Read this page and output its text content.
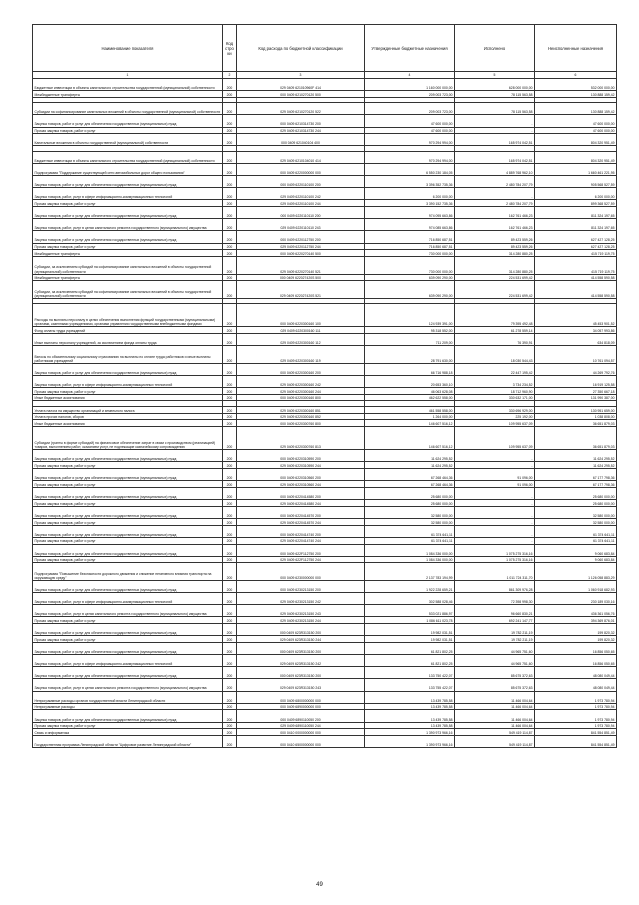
Наименование показателя	Код стро ки	Код расхода по бюджетной классификации	Утвержденные бюджетные назначения	Исполнено	Неисполненные назначения
1	2	3	4	5	6
Бюджетные инвестиции в объекты капитального строительства государственной (муниципальной) собственности	200	029 0409 621010960F 414	1 160 000 000,00	628 000 000,00	532 000 000,00
Межбюджетные трансферты	200	000 0409 6210270120 500	209 003 723,00	78 115 563,58	130 888 159,42

Субсидии на софинансирование капитальных вложений в объекты государственной (муниципальной) собственности	200	029 0409 6210270120 522	209 003 723,00	78 115 563,58	130 888 159,42
Закупка товаров, работ и услуг для обеспечения государственных (муниципальных) нужд	200	000 0409 6210314730 200	47 600 000,00	-	47 600 000,00
Прочая закупка товаров, работ и услуг	200	029 0409 6210314730 244	47 600 000,00	-	47 600 000,00
Капитальные вложения в объекты государственной (муниципальной) собственности	200	000 0409 621040104 400	970 294 994,00	165 974 042,51	804 320 951,49

Бюджетные инвестиции в объекты капитального строительства государственной (муниципальной) собственности	200	029 0409 6210104010 414	970 294 994,00	165 974 042,51	804 320 951,49
Подпрограмма "Поддержание существующей сети автомобильных дорог общего пользования"	200	000 0409 6220000000 000	6 550 230 184,05	4 889 768 962,10	1 660 461 221,95
Закупка товаров, работ и услуг для обеспечения государственных (муниципальных) нужд	200	000 0409 6220110100 200	3 396 352 735,36	2 480 784 207,79	905 568 527,59
Закупка товаров, работ, услуг в сфере информационно-коммуникационных технологий	200	029 0409 6220110100 242	6 200 000,00	-	6 200 000,00
Прочая закупка товаров, работ и услуг	200	029 0409 6220110100 244	3 390 152 735,36	2 480 784 207,79	899 368 527,59
Закупка товаров, работ и услуг для обеспечения государственных (муниципальных) нужд	200	000 0409 6220110110 200	974 095 663,86	162 761 466,23	811 324 197,65
Закупка товаров, работ, услуг в целях капитального ремонта государственного (муниципального) имущества	200	029 0409 6220110110 243	974 085 663,86	162 761 466,23	811 324 197,65
Закупка товаров, работ и услуг для обеспечения государственных (муниципальных) нужд	200	000 0409 6220112750 200	716 850 687,51	89 423 559,26	627 427 128,25
Прочая закупка товаров, работ и услуг	200	029 0409 6220112750 244	716 850 687,51	89 423 559,26	627 427 128,25
Межбюджетные трансферты	200	000 0409 6220270140 500	730 000 000,00	314 280 880,25	415 719 119,75
Субсидии, за исключением субсидий на софинансирование капитальных вложений в объекты государственной (муниципальной) собственности	200	029 0409 6220270140 521	730 000 000,00	314 280 880,25	415 719 119,75
Межбюджетные трансферты	200	000 0409 622027420S 500	639 090 290,00	224 531 699,42	414 558 590,58
Субсидии, за исключением субсидий на софинансирование капитальных вложений в объекты государственной (муниципальной) собственности	200	029 0409 622027420S 521	639 090 290,00	224 531 699,42	414 558 590,58

Расходы на выплаты персоналу в целях обеспечения выполнения функций государственными (муниципальными) органами, казенными учреждениями, органами управления государственными внебюджетными фондами	200	000 0409 6220300160 100	124 939 391,00	79 395 492,48	45 453 901,52
Фонд оплаты труда учреждений	200	029 0409 6220300160 111	95 318 552,00	61 278 559,14	34 057 993,86
Иные выплаты персоналу учреждений, за исключением фонда оплаты труда	200	029 0409 6220300160 112	711 209,00	76 390,91	634 818,09
Взносы по обязательному социальному страхованию на выплаты по оплате труда работников и иные выплаты работникам учреждений	200	029 0409 6220300160 119	28 791 630,00	18 030 544,43	10 761 094,57
Закупка товаров, работ и услуг для обеспечения государственных (муниципальных) нужд	200	000 0409 6220300160 200	66 716 988,18	22 447 195,42	44 269 792,76
Закупка товаров, работ, услуг в сфере информационно-коммуникационных технологий	200	029 0409 6220300160 242	20 653 360,10	3 734 234,52	16 919 125,58
Прочая закупка товаров, работ и услуг	200	029 0409 6220300160 244	46 063 628,08	18 712 960,90	27 350 667,18
Иные бюджетные ассигнования	200	000 0409 6220300160 800	462 622 558,00	330 632 171,00	131 990 387,00

Уплата налога на имущество организаций и земельного налога	200	029 0409 6220300160 851	461 558 558,00	330 696 929,00	130 951 659,00
Уплата прочих налогов, сборов	200	029 0409 6220300160 852	1 264 000,00	225 192,00	1 038 808,00
Иные бюджетные ассигнования	200	000 0409 6220300760 800	146 607 516,12	109 955 637,09	36 651 879,03
Субсидии (гранты в форме субсидий) на финансовое обеспечение затрат в связи с производством (реализацией) товаров, выполнением работ, оказанием услуг, не подлежащие казначейскому сопровождению	200	029 0409 6220300760 813	146 607 516,12	109 955 637,09	36 651 879,03
Закупка товаров, работ и услуг для обеспечения государственных (муниципальных) нужд	200	000 0409 6220310590 200	11 624 295,52	-	11 624 295,52
Прочая закупка товаров, работ и услуг	200	029 0409 6220310590 244	11 624 295,52	-	11 624 295,52
Закупка товаров, работ и услуг для обеспечения государственных (муниципальных) нужд	200	000 0409 6220310560 200	67 268 464,36	91 096,00	67 177 798,36
Прочая закупка товаров, работ и услуг	200	029 0409 6220310560 244	67 268 464,36	91 096,00	67 177 798,36
Закупка товаров, работ и услуг для обеспечения государственных (муниципальных) нужд	200	000 0409 6220414580 200	25 680 000,00	-	25 680 000,00
Прочая закупка товаров, работ и услуг	200	029 0409 6220414580 244	25 680 000,00	-	25 680 000,00
Закупка товаров, работ и услуг для обеспечения государственных (муниципальных) нужд	200	000 0409 6220414570 200	32 580 000,00	-	32 580 000,00
Прочая закупка товаров, работ и услуг	200	029 0409 6220414570 244	32 580 000,00	-	32 580 000,00
Закупка товаров, работ и услуг для обеспечения государственных (муниципальных) нужд	200	000 0409 6220414740 200	61 374 641,11	-	61 374 641,11
Прочая закупка товаров, работ и услуг	200	029 0409 6220414740 244	61 374 641,11	-	61 374 641,11
Закупка товаров, работ и услуг для обеспечения государственных (муниципальных) нужд	200	000 0409 622F112750 200	1 084 336 000,00	1 075 275 316,16	9 060 683,84
Прочая закупка товаров, работ и услуг	200	029 0409 622F112750 244	1 084 336 000,00	1 075 275 316,16	9 060 683,84
Подпрограмма "Повышение безопасности дорожного движения и снижение негативного влияния транспорта на окружающую среду"	200	000 0409 6230000000 000	2 137 783 194,99	1 011 724 311,70	1 126 058 883,29
Закупка товаров, работ и услуг для обеспечения государственных (муниципальных) нужд	200	000 0409 6230213150 200	1 922 228 659,21	861 309 976,28	1 060 918 682,93
Закупка товаров, работ, услуг в сфере информационно-коммуникационных технологий	200	029 0409 6230213150 242	302 588 028,46	72 398 998,30	230 189 030,16
Закупка товаров, работ, услуг в целях капитального ремонта государственного (муниципального) имущества	200	029 0409 6230213150 243	533 021 886,97	96 660 830,21	436 361 056,76
Прочая закупка товаров, работ и услуг	200	029 0409 6230213150 244	1 086 611 023,78	692 241 147,77	394 369 876,01
Закупка товаров, работ и услуг для обеспечения государственных (муниципальных) нужд	200	000 0409 623R313150 200	19 982 031,51	19 782 211,19	199 820,32
Прочая закупка товаров, работ и услуг	200	029 0409 623R313150 244	19 982 031,51	19 782 211,19	199 820,32
Закупка товаров, работ и услуг для обеспечения государственных (муниципальных) нужд	200	000 0409 623R313150 200	61 821 802,25	44 965 751,60	16 856 050,65
Закупка товаров, работ, услуг в сфере информационно-коммуникационных технологий	200	029 0409 623R313150 242	61 821 802,25	44 965 751,60	16 856 050,65
Закупка товаров, работ и услуг для обеспечения государственных (муниципальных) нужд	200	000 0409 623R313150 200	133 750 422,07	85 675 372,63	48 080 049,44
Закупка товаров, работ, услуг в целях капитального ремонта государственного (муниципального) имущества	200	029 0409 623R313150 243	133 755 422,07	85 675 372,63	48 080 049,44
Непрограммные расходы органов государственной власти Ленинградской области	200	000 0409 6800000000 000	13 439 785,58	11 466 004,64	1 973 780,94
Непрограммные расходы	200	000 0409 6890000000 000	13 439 785,58	11 466 004,64	1 973 780,94
Закупка товаров, работ и услуг для обеспечения государственных (муниципальных) нужд	200	000 0409 6890110050 200	13 439 785,58	11 466 004,64	1 973 780,94
Прочая закупка товаров, работ и услуг	200	029 0409 6890110050 244	13 439 785,58	11 466 004,64	1 973 780,94
Связь и информатика	200	000 0410 0000000000 000	1 390 973 966,16	549 419 114,87	841 554 851,49
Государственная программа Ленинградской области "Цифровое развитие Ленинградской области"	200	000 0410 6500000000 000	1 390 973 966,16	549 419 114,87	841 554 851,49
49
